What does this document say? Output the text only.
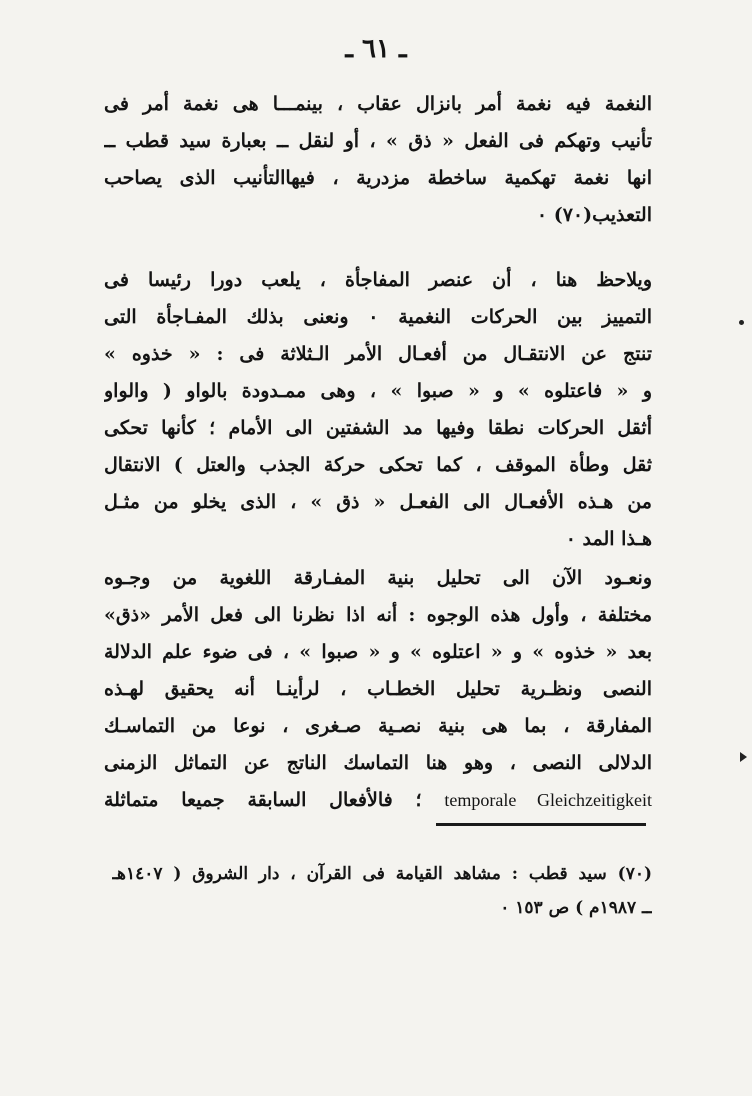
ـ ٦١ ـ
النغمة فيه نغمة أمر بانزال عقاب ، بينمـــا هى نغمة أمر فى
تأنيب وتهكم فى الفعل « ذق » ، أو لنقل ــ بعبارة سيد قطب ــ
انها نغمة تهكمية ساخطة مزدرية ، فيهاالتأنيب الذى يصاحب
التعذيب(٧٠) ٠
ويلاحظ هنا ، أن عنصر المفاجأة ، يلعب دورا رئيسا فى
التمييز بين الحركات النغمية ٠ ونعنى بذلك المفـاجأة التى
تنتج عن الانتقـال من أفعـال الأمر الـثلاثة فى : « خذوه »
و « فاعتلوه » و « صبوا » ، وهى ممـدودة بالواو ( والواو
أثقل الحركات نطقا وفيها مد الشفتين الى الأمام ؛ كأنها تحكى
ثقل وطأة الموقف ، كما تحكى حركة الجذب والعتل ) الانتقال
من هـذه الأفعـال الى الفعـل « ذق » ، الذى يخلو من مثـل
هـذا المد ٠
ونعـود الآن الى تحليل بنية المفـارقة اللغوية من وجـوه
مختلفة ، وأول هذه الوجوه : أنه اذا نظرنا الى فعل الأمر «ذق»
بعد « خذوه » و « اعتلوه » و « صبوا » ، فى ضوء علم الدلالة
النصى ونظـرية تحليل الخطـاب ، لرأينـا أنه يحقيق لهـذه
المفارقة ، بما هى بنية نصـية صـغرى ، نوعا من التماسـك
الدلالى النصى ، وهو هنا التماسك الناتج عن التماثل الزمنى
temporale Gleichzeitigkeit ؛ فالأفعال السابقة جميعا متماثلة
(٧٠) سيد قطب : مشاهد القيامة فى القرآن ، دار الشروق ( ١٤٠٧هـ
ــ ١٩٨٧م ) ص ١٥٣ ٠
